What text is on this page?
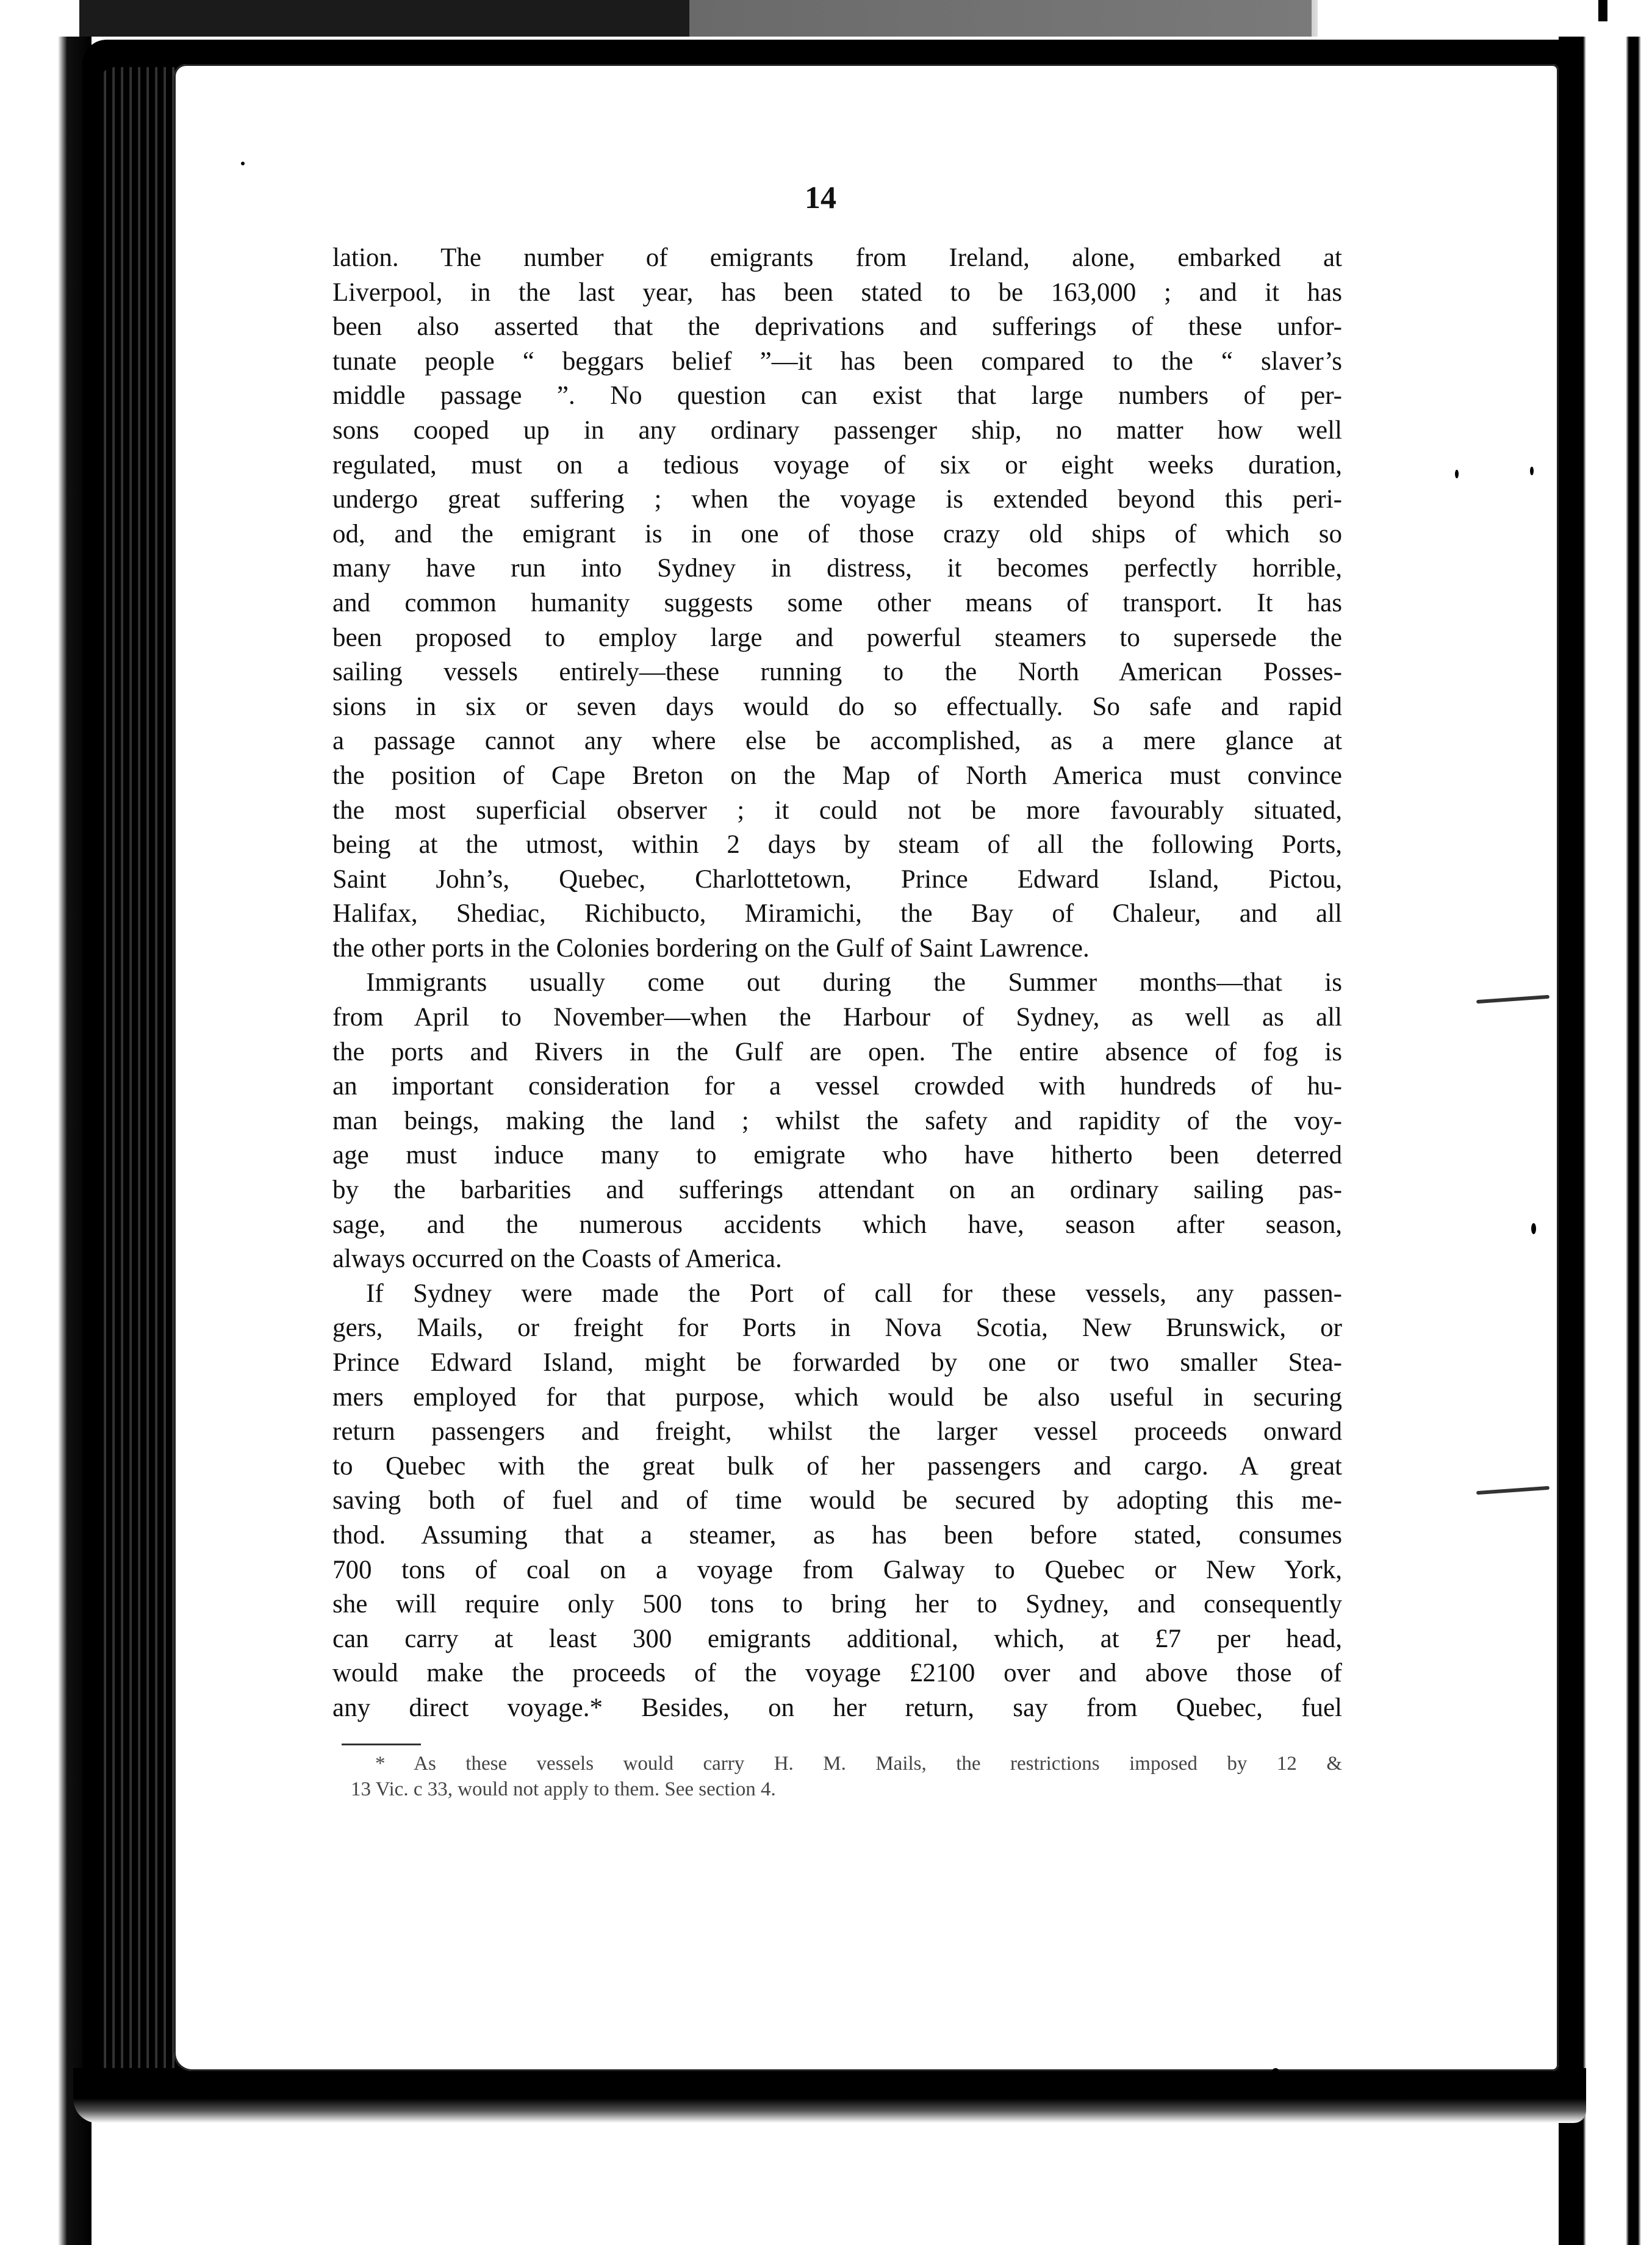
14
lation. The number of emigrants from Ireland, alone, embarked at
Liverpool, in the last year, has been stated to be 163,000 ; and it has
been also asserted that the deprivations and sufferings of these unfor-
tunate people “ beggars belief ”—it has been compared to the “ slaver’s
middle passage ”. No question can exist that large numbers of per-
sons cooped up in any ordinary passenger ship, no matter how well
regulated, must on a tedious voyage of six or eight weeks duration,
undergo great suffering ; when the voyage is extended beyond this peri-
od, and the emigrant is in one of those crazy old ships of which so
many have run into Sydney in distress, it becomes perfectly horrible,
and common humanity suggests some other means of transport. It has
been proposed to employ large and powerful steamers to supersede the
sailing vessels entirely—these running to the North American Posses-
sions in six or seven days would do so effectually. So safe and rapid
a passage cannot any where else be accomplished, as a mere glance at
the position of Cape Breton on the Map of North America must convince
the most superficial observer ; it could not be more favourably situated,
being at the utmost, within 2 days by steam of all the following Ports,
Saint John’s, Quebec, Charlottetown, Prince Edward Island, Pictou,
Halifax, Shediac, Richibucto, Miramichi, the Bay of Chaleur, and all
the other ports in the Colonies bordering on the Gulf of Saint Lawrence.
Immigrants usually come out during the Summer months—that is
from April to November—when the Harbour of Sydney, as well as all
the ports and Rivers in the Gulf are open. The entire absence of fog is
an important consideration for a vessel crowded with hundreds of hu-
man beings, making the land ; whilst the safety and rapidity of the voy-
age must induce many to emigrate who have hitherto been deterred
by the barbarities and sufferings attendant on an ordinary sailing pas-
sage, and the numerous accidents which have, season after season,
always occurred on the Coasts of America.
If Sydney were made the Port of call for these vessels, any passen-
gers, Mails, or freight for Ports in Nova Scotia, New Brunswick, or
Prince Edward Island, might be forwarded by one or two smaller Stea-
mers employed for that purpose, which would be also useful in securing
return passengers and freight, whilst the larger vessel proceeds onward
to Quebec with the great bulk of her passengers and cargo. A great
saving both of fuel and of time would be secured by adopting this me-
thod. Assuming that a steamer, as has been before stated, consumes
700 tons of coal on a voyage from Galway to Quebec or New York,
she will require only 500 tons to bring her to Sydney, and consequently
can carry at least 300 emigrants additional, which, at £7 per head,
would make the proceeds of the voyage £2100 over and above those of
any direct voyage.* Besides, on her return, say from Quebec, fuel
* As these vessels would carry H. M. Mails, the restrictions imposed by 12 &
13 Vic. c 33, would not apply to them. See section 4.
